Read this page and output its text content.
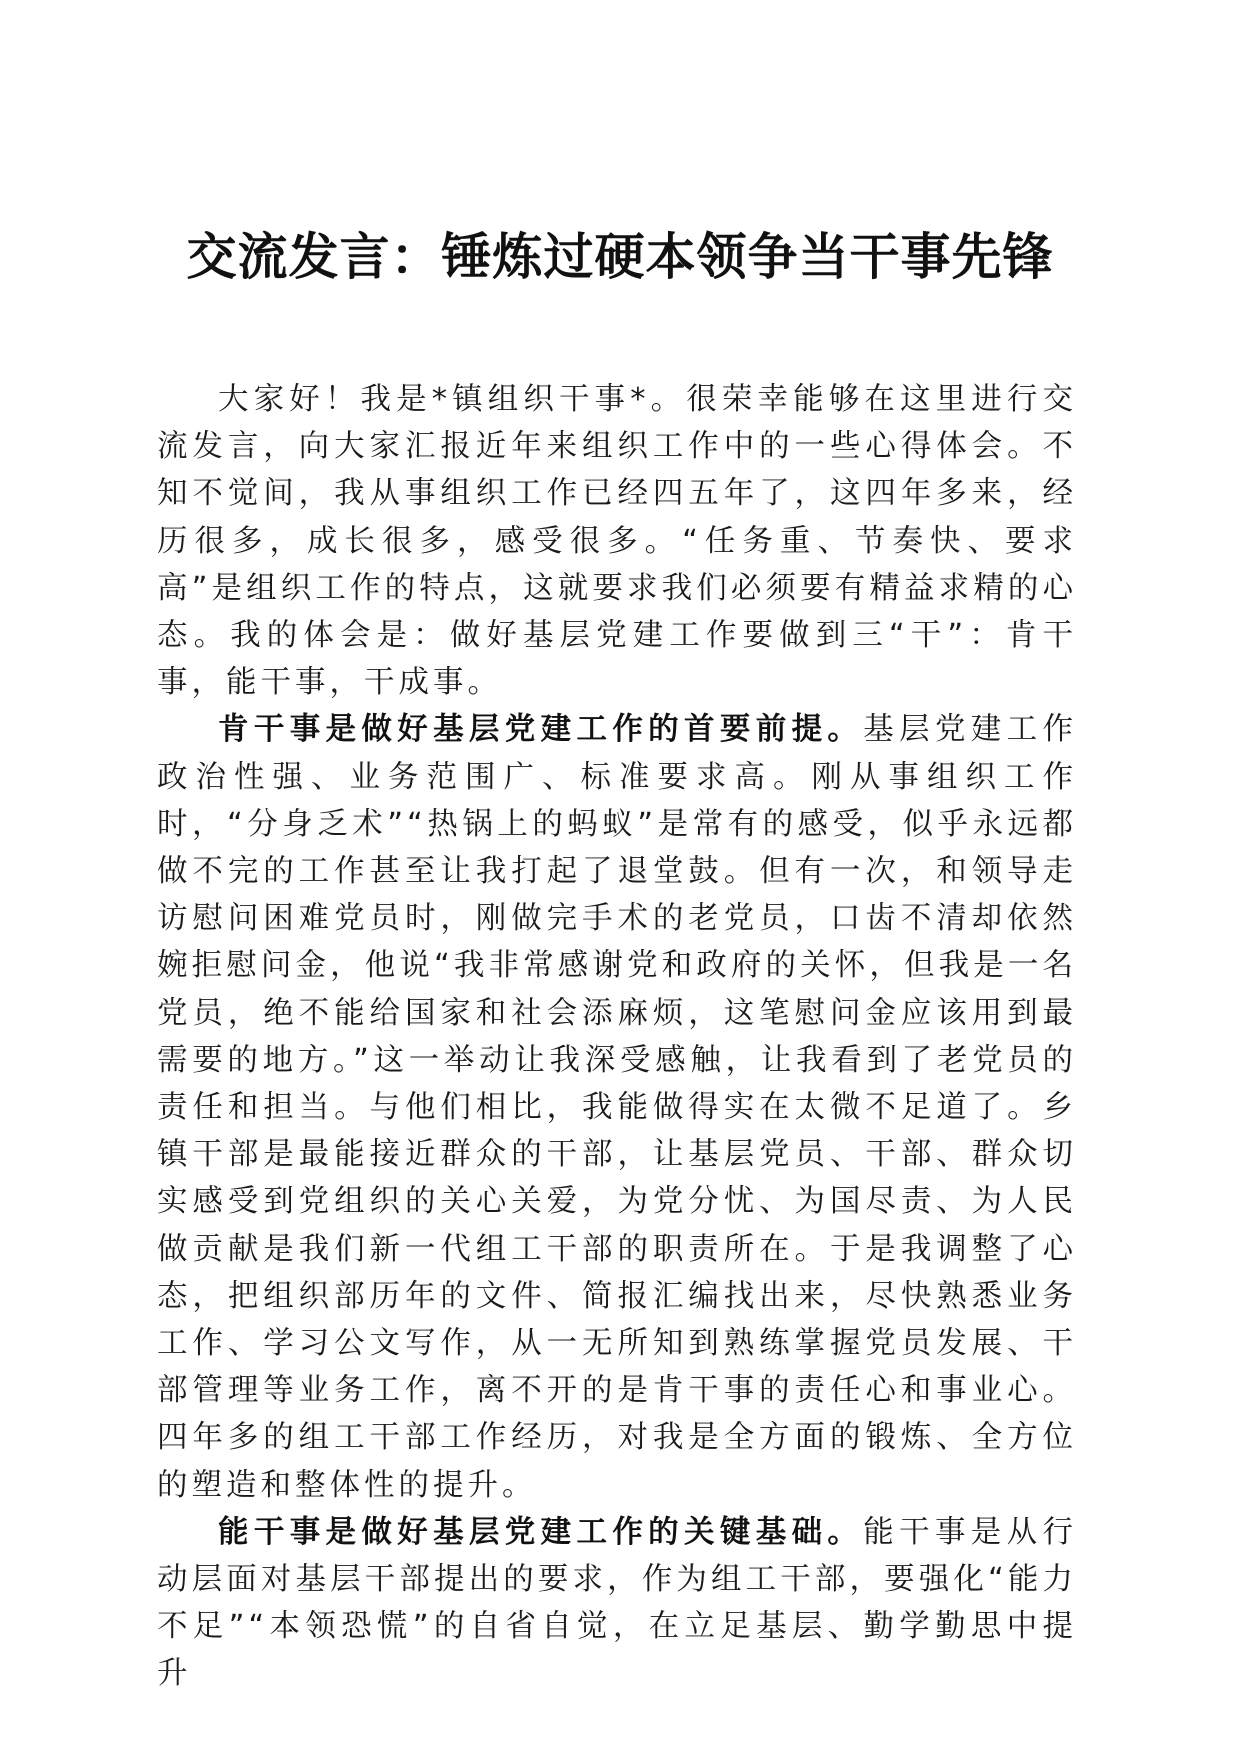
交流发言：锤炼过硬本领争当干事先锋

大家好！我是*镇组织干事*。很荣幸能够在这里进行交流发言，向大家汇报近年来组织工作中的一些心得体会。不知不觉间，我从事组织工作已经四五年了，这四年多来，经历很多，成长很多，感受很多。“任务重、节奏快、要求高”是组织工作的特点，这就要求我们必须要有精益求精的心态。我的体会是：做好基层党建工作要做到三“干”：肯干事，能干事，干成事。

肯干事是做好基层党建工作的首要前提。基层党建工作政治性强、业务范围广、标准要求高。刚从事组织工作时，“分身乏术”“热锅上的蚂蚁”是常有的感受，似乎永远都做不完的工作甚至让我打起了退堂鼓。但有一次，和领导走访慰问困难党员时，刚做完手术的老党员，口齿不清却依然婉拒慰问金，他说“我非常感谢党和政府的关怀，但我是一名党员，绝不能给国家和社会添麻烦，这笔慰问金应该用到最需要的地方。”这一举动让我深受感触，让我看到了老党员的责任和担当。与他们相比，我能做得实在太微不足道了。乡镇干部是最能接近群众的干部，让基层党员、干部、群众切实感受到党组织的关心关爱，为党分忧、为国尽责、为人民做贡献是我们新一代组工干部的职责所在。于是我调整了心态，把组织部历年的文件、简报汇编找出来，尽快熟悉业务工作、学习公文写作，从一无所知到熟练掌握党员发展、干部管理等业务工作，离不开的是肯干事的责任心和事业心。四年多的组工干部工作经历，对我是全方面的锻炼、全方位的塑造和整体性的提升。

能干事是做好基层党建工作的关键基础。能干事是从行动层面对基层干部提出的要求，作为组工干部，要强化“能力不足”“本领恐慌”的自省自觉，在立足基层、勤学勤思中提升
